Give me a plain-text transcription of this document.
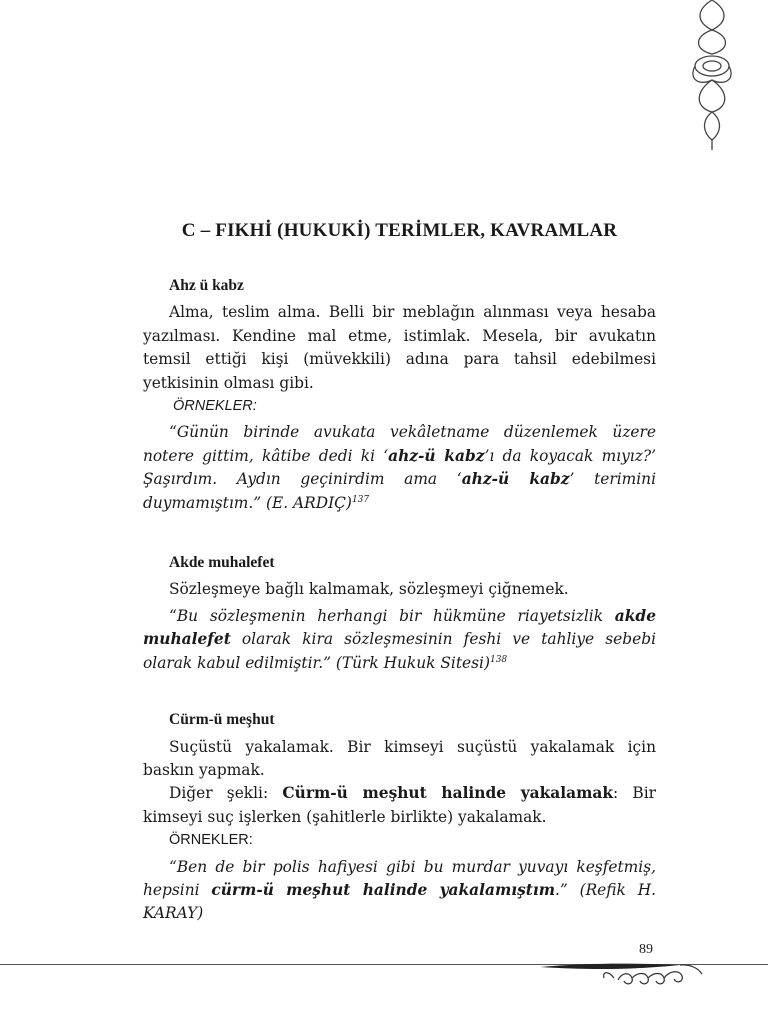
C – FIKHİ (HUKUKİ) TERİMLER, KAVRAMLAR

Ahz ü kabz

Alma, teslim alma. Belli bir meblağın alınması veya hesaba yazılması. Kendine mal etme, istimlak. Mesela, bir avukatın temsil ettiği kişi (müvekkili) adına para tahsil edebilmesi yetkisinin olması gibi.

ÖRNEKLER:

“Günün birinde avukata vekâletname düzenlemek üzere notere gittim, kâtibe dedi ki ‘ahz-ü kabz’ı da koyacak mıyız?’ Şaşırdım. Aydın geçinirdim ama ‘ahz-ü kabz’ terimini duymamıştım.” (E. ARDIÇ)$^{137}$

Akde muhalefet

Sözleşmeye bağlı kalmamak, sözleşmeyi çiğnemek.

“Bu sözleşmenin herhangi bir hükmüne riayetsizlik akde muhalefet olarak kira sözleşmesinin feshi ve tahliye sebebi olarak kabul edilmiştir.” (Türk Hukuk Sitesi)$^{138}$

Cürm-ü meşhut

Suçüstü yakalamak. Bir kimseyi suçüstü yakalamak için baskın yapmak.

Diğer şekli: Cürm-ü meşhut halinde yakalamak: Bir kimseyi suç işlerken (şahitlerle birlikte) yakalamak.

ÖRNEKLER:

“Ben de bir polis hafiyesi gibi bu murdar yuvayı keşfetmiş, hepsini cürm-ü meşhut halinde yakalamıştım.” (Refik H. KARAY)

89
